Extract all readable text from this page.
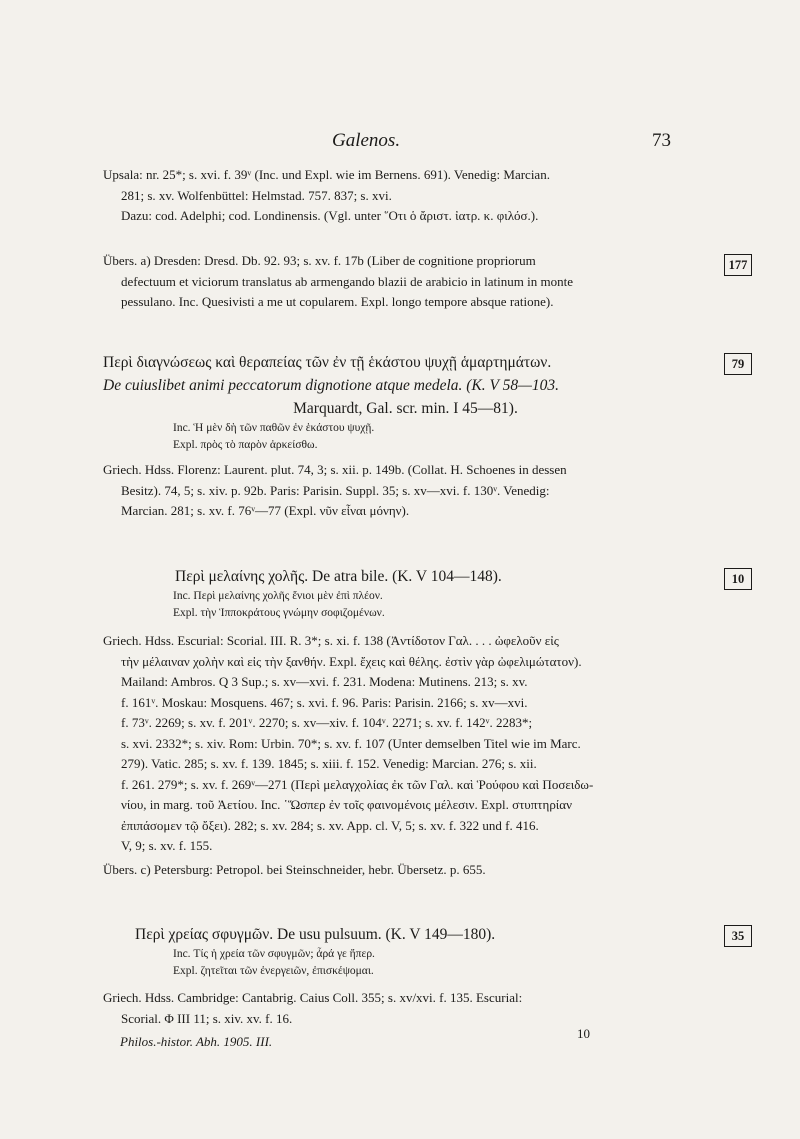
Galenos.	73

Upsala: nr. 25*; s. xvi. f. 39ᵛ (Inc. und Expl. wie im Bernens. 691). Venedig: Marcian.

281; s. xv. Wolfenbüttel: Helmstad. 757. 837; s. xvi.

Dazu: cod. Adelphi; cod. Londinensis. (Vgl. unter ῞Οτι ὁ ἄριστ. ἰατρ. κ. φιλόσ.).

177

Übers. a) Dresden: Dresd. Db. 92. 93; s. xv. f. 17b (Liber de cognitione propriorum

defectuum et viciorum translatus ab armengando blazii de arabicio in latinum in monte

pessulano. Inc. Quesivisti a me ut copularem. Expl. longo tempore absque ratione).

79

Περὶ διαγνώσεως καὶ θεραπείας τῶν ἐν τῇ ἑκάστου ψυχῇ ἁμαρτημάτων.

De cuiuslibet animi peccatorum dignotione atque medela. (K. V 58—103.

Marquardt, Gal. scr. min. I 45—81).

Inc. Ἡ μὲν δὴ τῶν παθῶν ἐν ἑκάστου ψυχῇ.

Expl. πρὸς τὸ παρὸν ἀρκείσθω.

Griech. Hdss. Florenz: Laurent. plut. 74, 3; s. xii. p. 149b. (Collat. H. Schoenes in dessen

Besitz). 74, 5; s. xiv. p. 92b. Paris: Parisin. Suppl. 35; s. xv—xvi. f. 130ᵛ. Venedig:

Marcian. 281; s. xv. f. 76ᵛ—77 (Expl. νῦν εἶναι μόνην).

10

Περὶ μελαίνης χολῆς. De atra bile. (K. V 104—148).

Inc. Περὶ μελαίνης χολῆς ἔνιοι μὲν ἐπὶ πλέον.

Expl. τὴν Ἱπποκράτους γνώμην σοφιζομένων.

Griech. Hdss. Escurial: Scorial. III. R. 3*; s. xi. f. 138 (Ἀντίδοτον Γαλ. . . . ὠφελοῦν εἰς

τὴν μέλαιναν χολὴν καὶ εἰς τὴν ξανθήν. Expl. ἔχεις καὶ θέλης. ἐστὶν γὰρ ὠφελιμώτατον).

Mailand: Ambros. Q 3 Sup.; s. xv—xvi. f. 231. Modena: Mutinens. 213; s. xv.

f. 161ᵛ. Moskau: Mosquens. 467; s. xvi. f. 96. Paris: Parisin. 2166; s. xv—xvi.

f. 73ᵛ. 2269; s. xv. f. 201ᵛ. 2270; s. xv—xiv. f. 104ᵛ. 2271; s. xv. f. 142ᵛ. 2283*;

s. xvi. 2332*; s. xiv. Rom: Urbin. 70*; s. xv. f. 107 (Unter demselben Titel wie im Marc.

279). Vatic. 285; s. xv. f. 139. 1845; s. xiii. f. 152. Venedig: Marcian. 276; s. xii.

f. 261. 279*; s. xv. f. 269ᵛ—271 (Περὶ μελαγχολίας ἐκ τῶν Γαλ. καὶ Ῥούφου καὶ Ποσειδω-

νίου, in marg. τοῦ Ἀετίου. Inc. ῾Ὥσπερ ἐν τοῖς φαινομένοις μέλεσιν. Expl. στυπτηρίαν

ἐπιπάσομεν τῷ ὄξει). 282; s. xv. 284; s. xv. App. cl. V, 5; s. xv. f. 322 und f. 416.

V, 9; s. xv. f. 155.

Übers. c) Petersburg: Petropol. bei Steinschneider, hebr. Übersetz. p. 655.

35

Περὶ χρείας σφυγμῶν. De usu pulsuum. (K. V 149—180).

Inc. Τίς ἡ χρεία τῶν σφυγμῶν; ἆρά γε ἥπερ.

Expl. ζητεῖται τῶν ἐνεργειῶν, ἐπισκέψομαι.

Griech. Hdss. Cambridge: Cantabrig. Caius Coll. 355; s. xv/xvi. f. 135. Escurial:

Scorial. Φ III 11; s. xiv. xv. f. 16.

Philos.-histor. Abh. 1905. III.
10
